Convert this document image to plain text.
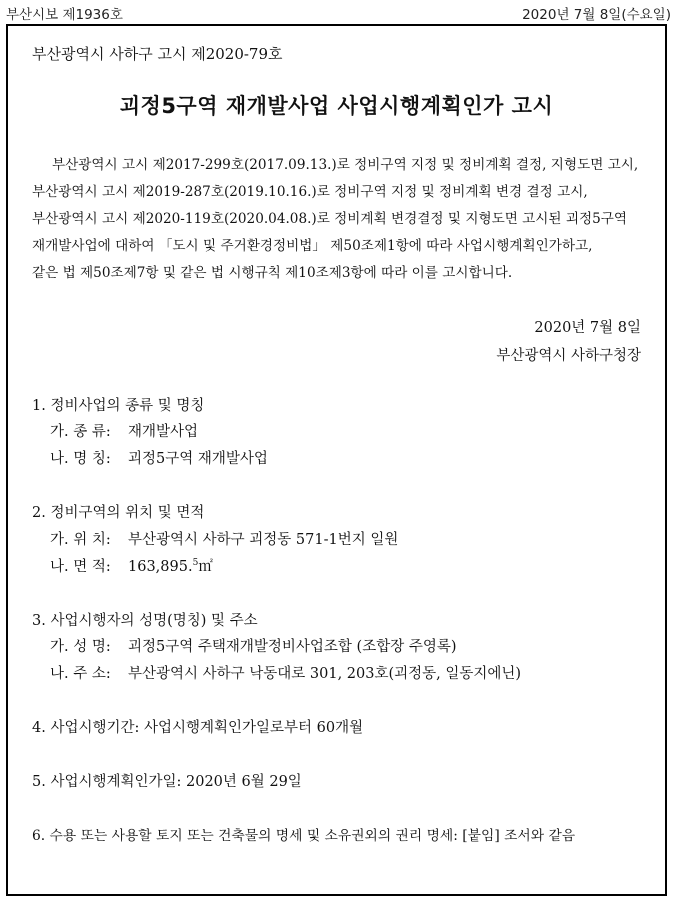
부산시보 제1936호	2020년 7월 8일(수요일)
부산광역시 사하구 고시 제2020-79호
괴정5구역 재개발사업 사업시행계획인가 고시
부산광역시 고시 제2017-299호(2017.09.13.)로 정비구역 지정 및 정비계획 결정, 지형도면 고시,
부산광역시 고시 제2019-287호(2019.10.16.)로 정비구역 지정 및 정비계획 변경 결정 고시,
부산광역시 고시 제2020-119호(2020.04.08.)로 정비계획 변경결정 및 지형도면 고시된 괴정5구역
재개발사업에 대하여 「도시 및 주거환경정비법」 제50조제1항에 따라 사업시행계획인가하고,
같은 법 제50조제7항 및 같은 법 시행규칙 제10조제3항에 따라 이를 고시합니다.
2020년 7월 8일
부산광역시 사하구청장
1. 정비사업의 종류 및 명칭
가. 종 류: 재개발사업
나. 명 칭: 괴정5구역 재개발사업
2. 정비구역의 위치 및 면적
가. 위 치: 부산광역시 사하구 괴정동 571-1번지 일원
나. 면 적: 163,895.$^5$㎡
3. 사업시행자의 성명(명칭) 및 주소
가. 성 명: 괴정5구역 주택재개발정비사업조합 (조합장 주영록)
나. 주 소: 부산광역시 사하구 낙동대로 301, 203호(괴정동, 일동지에닌)
4. 사업시행기간: 사업시행계획인가일로부터 60개월
5. 사업시행계획인가일: 2020년 6월 29일
6. 수용 또는 사용할 토지 또는 건축물의 명세 및 소유권외의 권리 명세: [붙임] 조서와 같음
